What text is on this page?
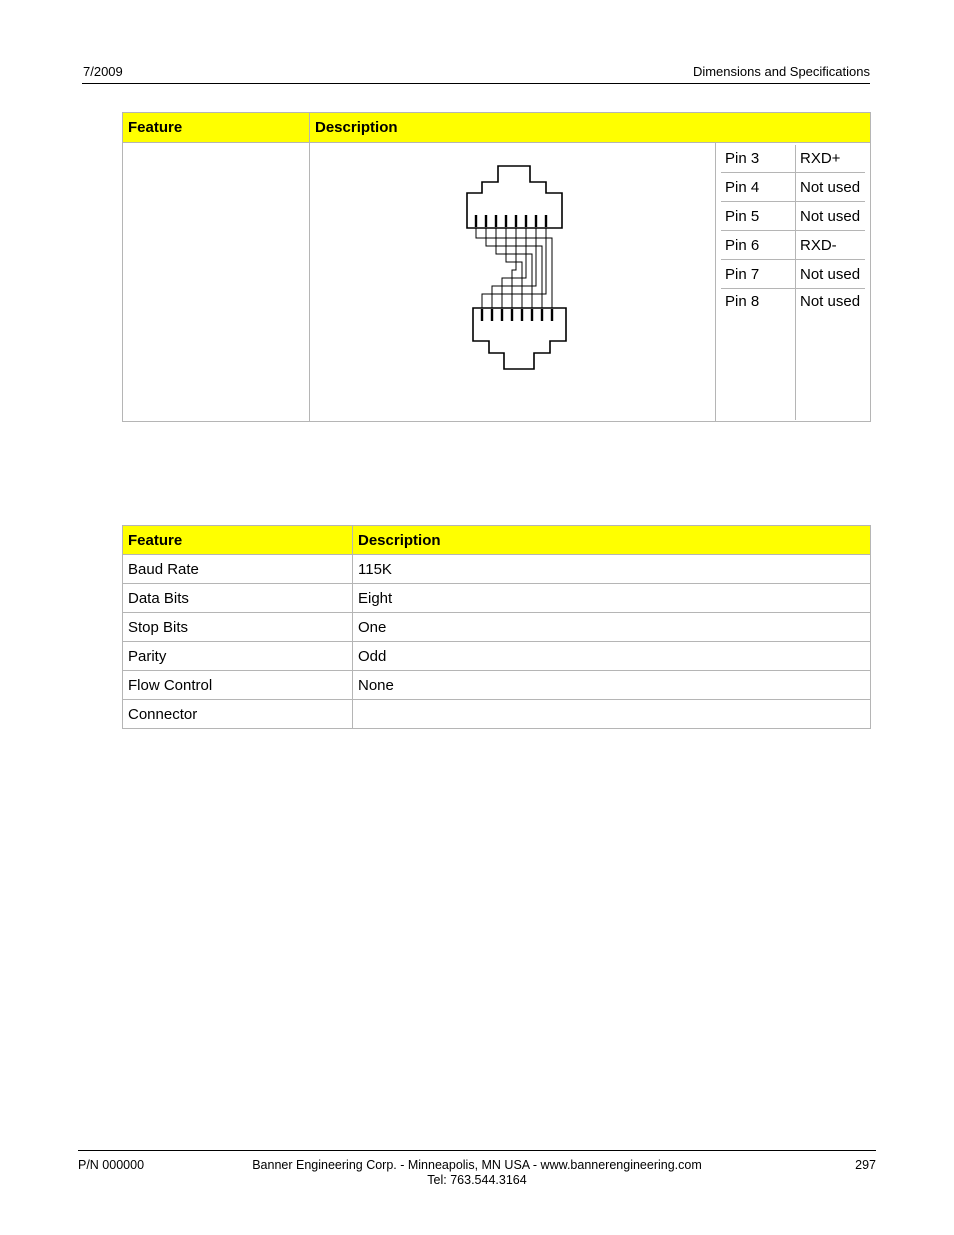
7/2009	Dimensions and Specifications
Feature	Description

Pin 3	RXD+
Pin 4	Not used
Pin 5	Not used
Pin 6	RXD-
Pin 7	Not used
Pin 8	Not used
Feature	Description
Baud Rate	115K
Data Bits	Eight
Stop Bits	One
Parity	Odd
Flow Control	None
Connector	
P/N 000000	Banner Engineering Corp. - Minneapolis, MN USA - www.bannerengineering.com
Tel: 763.544.3164
297
